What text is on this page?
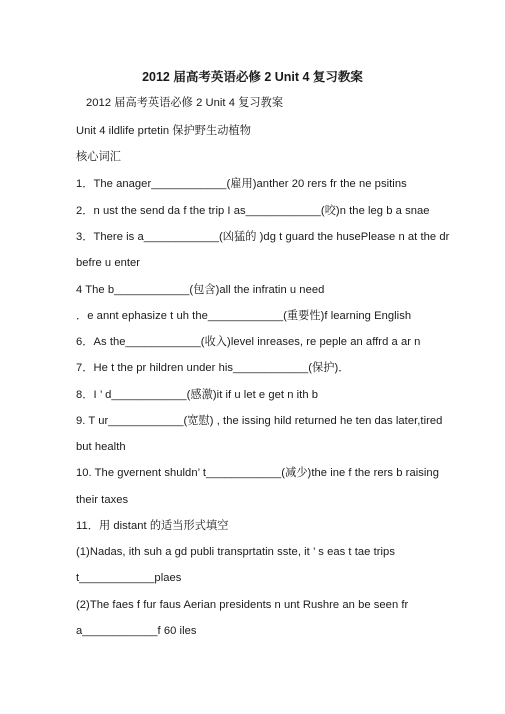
2012 届高考英语必修 2 Unit 4 复习教案
2012 届高考英语必修 2 Unit 4 复习教案
Unit 4 ildlife prtetin 保护野生动植物
核心词汇
1．The anager____________(雇用)anther 20 rers fr the ne psitins
2．n ust the send da f the trip I as____________(咬)n the leg b a snae
3．There is a____________(凶猛的 )dg t guard the husePlease n at the dr
befre u enter
4 The b____________(包含)all the infratin u need
．e annt ephasize t uh the____________(重要性)f learning English
6．As the____________(收入)level inreases, re peple an affrd a ar n
7．He t the pr hildren under his____________(保护)．
8．I ’ d____________(感激)it if u let e get n ith b
9. T ur____________(宽慰) , the issing hild returned he ten das later,tired
but health
10. The gvernent shuldn’ t____________(减少)the ine f the rers b raising
their taxes
11．用 distant 的适当形式填空
(1)Nadas, ith suh a gd publi transprtatin sste, it ’ s eas t tae trips
t____________plaes
(2)The faes f fur faus Aerian presidents n unt Rushre an be seen fr
a____________f 60 iles
